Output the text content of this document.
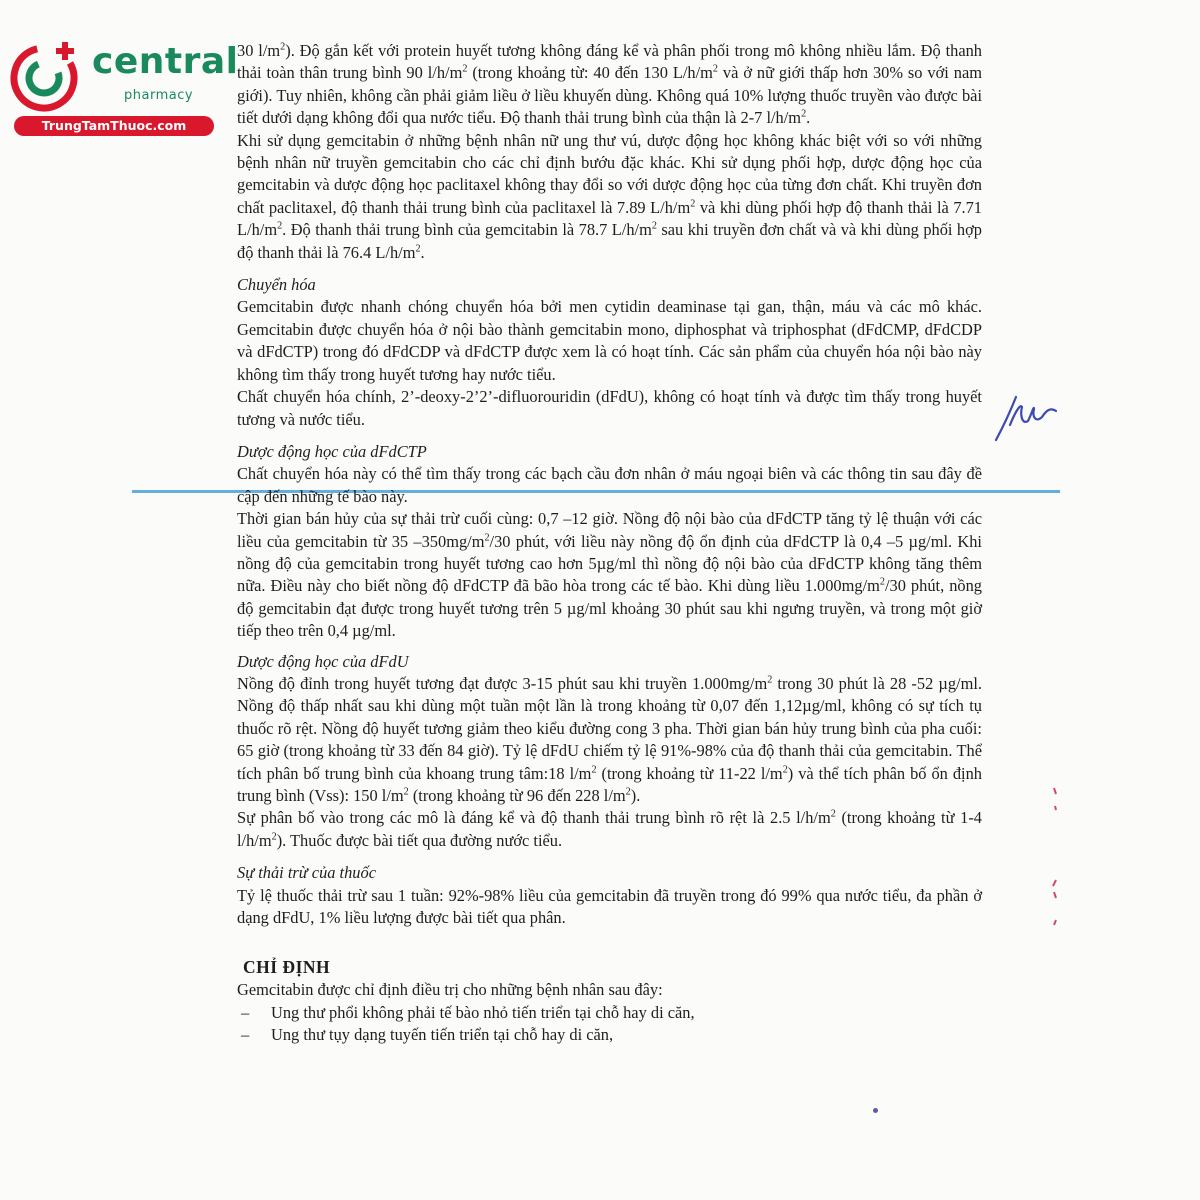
central
pharmacy
TrungTamThuoc.com

30 $l/m^2$). Độ gắn kết với protein huyết tương không đáng kể và phân phối trong mô không nhiều lắm. Độ thanh thải toàn thân trung bình 90 $l/h/m^2$ (trong khoảng từ: 40 đến 130 $L/h/m^2$ và ở nữ giới thấp hơn 30% so với nam giới). Tuy nhiên, không cần phải giảm liều ở liều khuyến dùng. Không quá 10% lượng thuốc truyền vào được bài tiết dưới dạng không đổi qua nước tiểu. Độ thanh thải trung bình của thận là 2-7 $l/h/m^2$.

Khi sử dụng gemcitabin ở những bệnh nhân nữ ung thư vú, dược động học không khác biệt với so với những bệnh nhân nữ truyền gemcitabin cho các chỉ định bướu đặc khác. Khi sử dụng phối hợp, dược động học của gemcitabin và dược động học paclitaxel không thay đổi so với dược động học của từng đơn chất. Khi truyền đơn chất paclitaxel, độ thanh thải trung bình của paclitaxel là 7.89 $L/h/m^2$ và khi dùng phối hợp độ thanh thải là 7.71 $L/h/m^2$. Độ thanh thải trung bình của gemcitabin là 78.7 $L/h/m^2$ sau khi truyền đơn chất và và khi dùng phối hợp độ thanh thải là 76.4 $L/h/m^2$.

Chuyển hóa

Gemcitabin được nhanh chóng chuyển hóa bởi men cytidin deaminase tại gan, thận, máu và các mô khác. Gemcitabin được chuyển hóa ở nội bào thành gemcitabin mono, diphosphat và triphosphat (dFdCMP, dFdCDP và dFdCTP) trong đó dFdCDP và dFdCTP được xem là có hoạt tính. Các sản phẩm của chuyển hóa nội bào này không tìm thấy trong huyết tương hay nước tiểu.

Chất chuyển hóa chính, 2’-deoxy-2’2’-difluorouridin (dFdU), không có hoạt tính và được tìm thấy trong huyết tương và nước tiểu.

Dược động học của dFdCTP

Chất chuyển hóa này có thể tìm thấy trong các bạch cầu đơn nhân ở máu ngoại biên và các thông tin sau đây đề cập đến những tế bào này.

Thời gian bán hủy của sự thải trừ cuối cùng: 0,7 –12 giờ. Nồng độ nội bào của dFdCTP tăng tỷ lệ thuận với các liều của gemcitabin từ 35 $-350mg/m^2/30$ phút, với liều này nồng độ ổn định của dFdCTP là 0,4 –5 µg/ml. Khi nồng độ của gemcitabin trong huyết tương cao hơn 5µg/ml thì nồng độ nội bào của dFdCTP không tăng thêm nữa. Điều này cho biết nồng độ dFdCTP đã bão hòa trong các tế bào. Khi dùng liều $1.000mg/m^2/30$ phút, nồng độ gemcitabin đạt được trong huyết tương trên 5 µg/ml khoảng 30 phút sau khi ngưng truyền, và trong một giờ tiếp theo trên 0,4 µg/ml.

Dược động học của dFdU

Nồng độ đỉnh trong huyết tương đạt được 3-15 phút sau khi truyền $1.000mg/m^2$ trong 30 phút là 28 -52 µg/ml. Nồng độ thấp nhất sau khi dùng một tuần một lần là trong khoảng từ 0,07 đến 1,12µg/ml, không có sự tích tụ thuốc rõ rệt. Nồng độ huyết tương giảm theo kiểu đường cong 3 pha. Thời gian bán hủy trung bình của pha cuối: 65 giờ (trong khoảng từ 33 đến 84 giờ). Tỷ lệ dFdU chiếm tỷ lệ 91%-98% của độ thanh thải của gemcitabin. Thể tích phân bố trung bình của khoang trung tâm:18 $l/m^2$ (trong khoảng từ 11-22 $l/m^2$) và thể tích phân bố ổn định trung bình (Vss): 150 $l/m^2$ (trong khoảng từ 96 đến 228 $l/m^2$).

Sự phân bố vào trong các mô là đáng kể và độ thanh thải trung bình rõ rệt là 2.5 $l/h/m^2$ (trong khoảng từ 1-4 $l/h/m^2$). Thuốc được bài tiết qua đường nước tiểu.

Sự thải trừ của thuốc

Tỷ lệ thuốc thải trừ sau 1 tuần: 92%-98% liều của gemcitabin đã truyền trong đó 99% qua nước tiểu, đa phần ở dạng dFdU, 1% liều lượng được bài tiết qua phân.

CHỈ ĐỊNH

Gemcitabin được chỉ định điều trị cho những bệnh nhân sau đây:

– Ung thư phổi không phải tế bào nhỏ tiến triển tại chỗ hay di căn,
– Ung thư tụy dạng tuyến tiến triển tại chỗ hay di căn,
